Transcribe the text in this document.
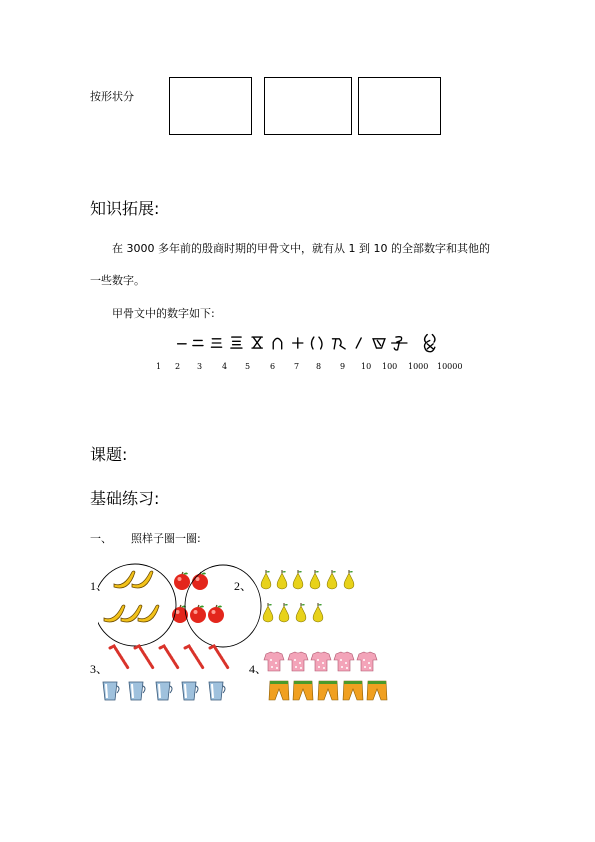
按形状分
知识拓展:
在 3000 多年前的殷商时期的甲骨文中，就有从 1 到 10 的全部数字和其他的
一些数字。
甲骨文中的数字如下:
1 2 3 4 5 6 7 8 9 10 100 1000 10000
课题:
基础练习:
一、 照样子圈一圈:
1、	2、
3、	4、
